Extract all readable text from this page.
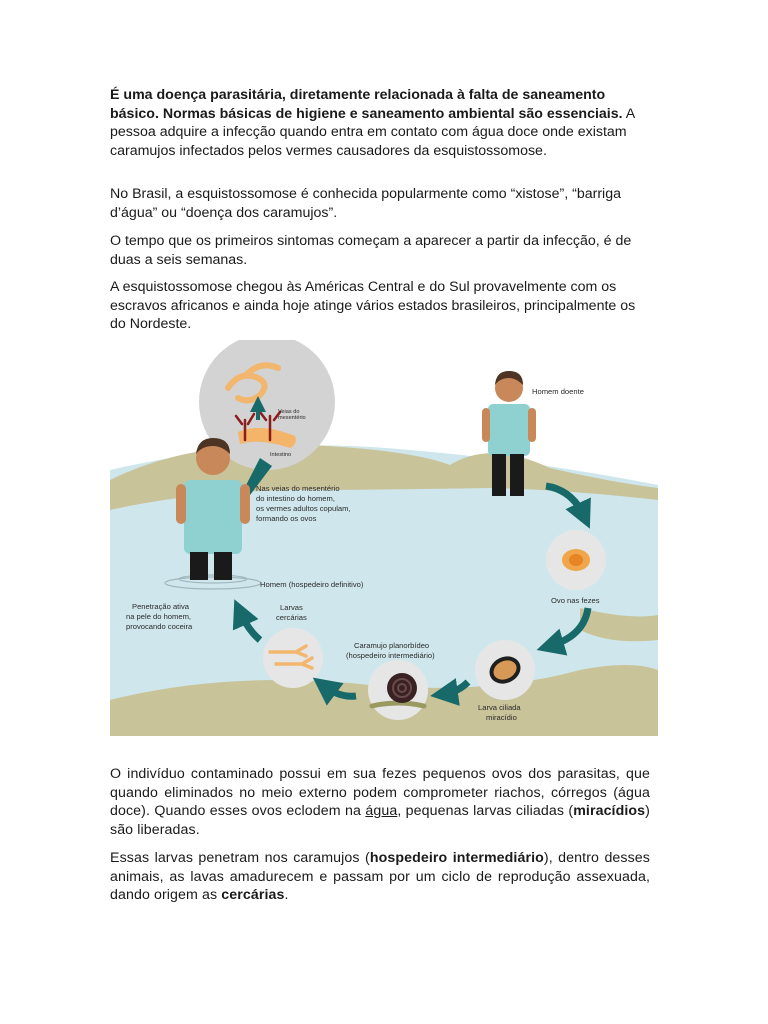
É uma doença parasitária, diretamente relacionada à falta de saneamento básico. Normas básicas de higiene e saneamento ambiental são essenciais. A pessoa adquire a infecção quando entra em contato com água doce onde existam caramujos infectados pelos vermes causadores da esquistossomose.

No Brasil, a esquistossomose é conhecida popularmente como “xistose”, “barriga d’água” ou “doença dos caramujos”.

O tempo que os primeiros sintomas começam a aparecer a partir da infecção, é de duas a seis semanas.

A esquistossomose chegou às Américas Central e do Sul provavelmente com os escravos africanos e ainda hoje atinge vários estados brasileiros, principalmente os do Nordeste.

Veias do
mesentério
Intestino
Homem doente
Ovo nas fezes
Larva ciliada
miracídio
Caramujo planorbídeo
(hospedeiro intermediário)
Larvas
cercárias
Nas veias do mesentério
do intestino do homem,
os vermes adultos copulam,
formando os ovos
Homem (hospedeiro definitivo)
Penetração ativa
na pele do homem,
provocando coceira

O indivíduo contaminado possui em sua fezes pequenos ovos dos parasitas, que quando eliminados no meio externo podem comprometer riachos, córregos (água doce). Quando esses ovos eclodem na água, pequenas larvas ciliadas (miracídios) são liberadas.

Essas larvas penetram nos caramujos (hospedeiro intermediário), dentro desses animais, as lavas amadurecem e passam por um ciclo de reprodução assexuada, dando origem as cercárias.
